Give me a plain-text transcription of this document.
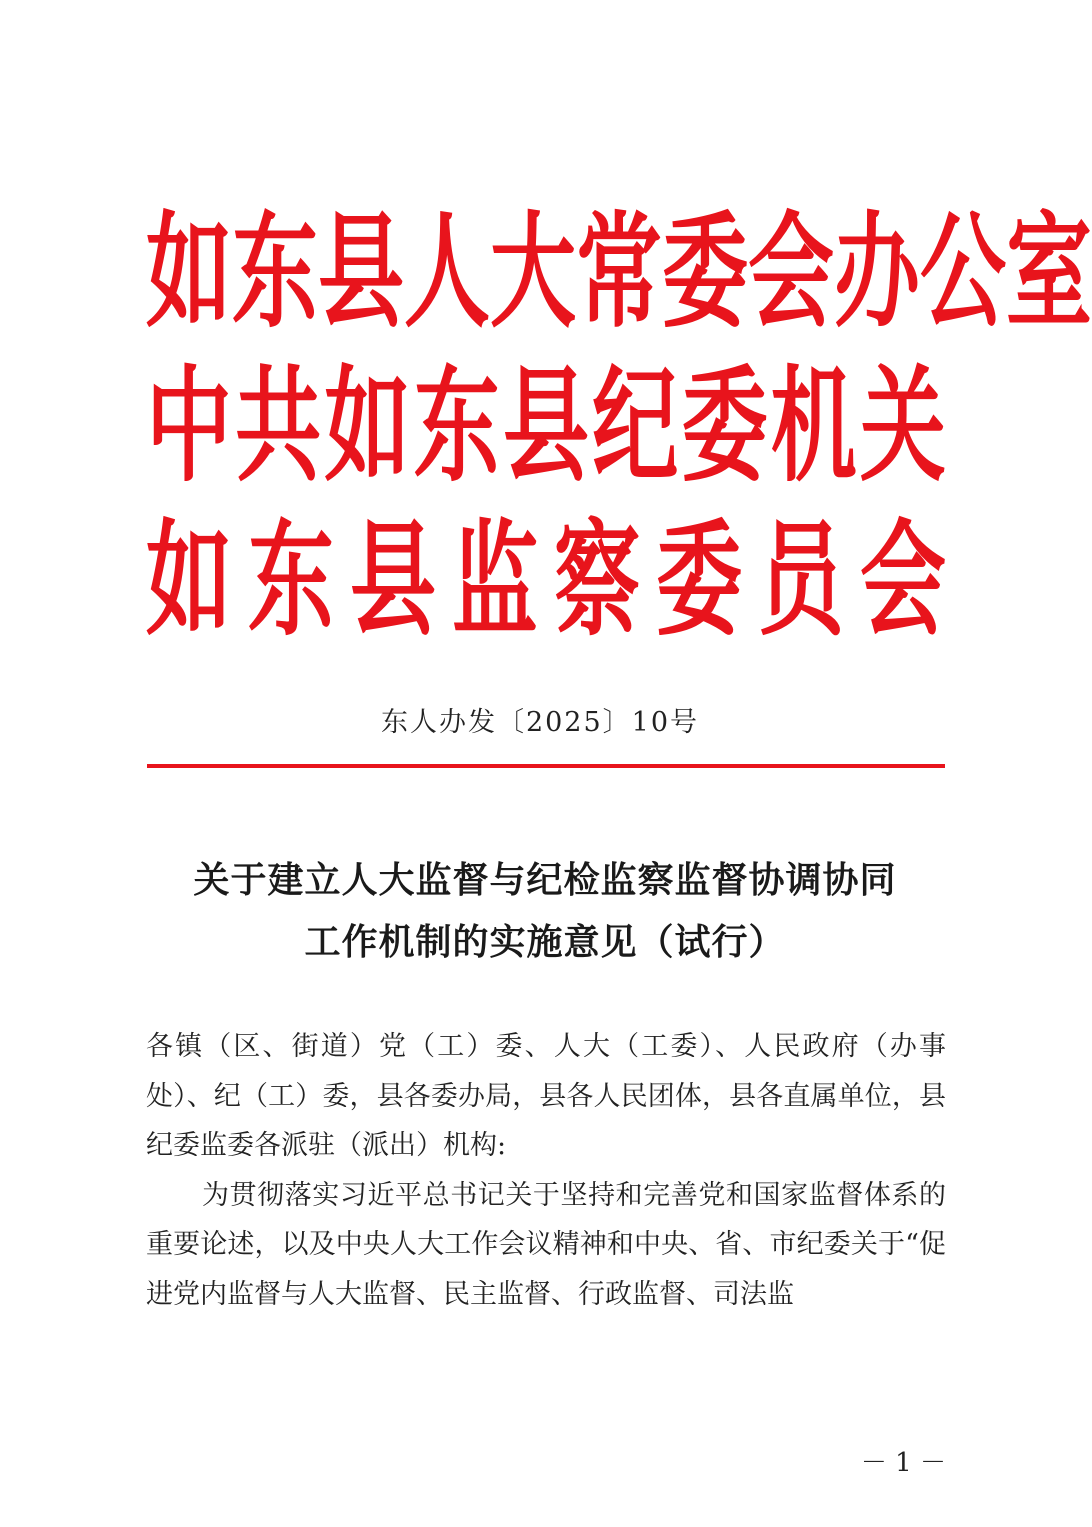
如 东 县 人 大 常 委 会 办 公 室
中 共 如 东 县 纪 委 机 关
如 东 县 监 察 委 员 会
东人办发〔2025〕10号
关于建立人大监督与纪检监察监督协调协同
工作机制的实施意见（试行）

各镇（区、街道）党（工）委、人大（工委）、人民政府（办事处）、纪（工）委，县各委办局，县各人民团体，县各直属单位，县纪委监委各派驻（派出）机构:

为贯彻落实习近平总书记关于坚持和完善党和国家监督体系的重要论述，以及中央人大工作会议精神和中央、省、市纪委关于“促进党内监督与人大监督、民主监督、行政监督、司法监

－ 1 －
